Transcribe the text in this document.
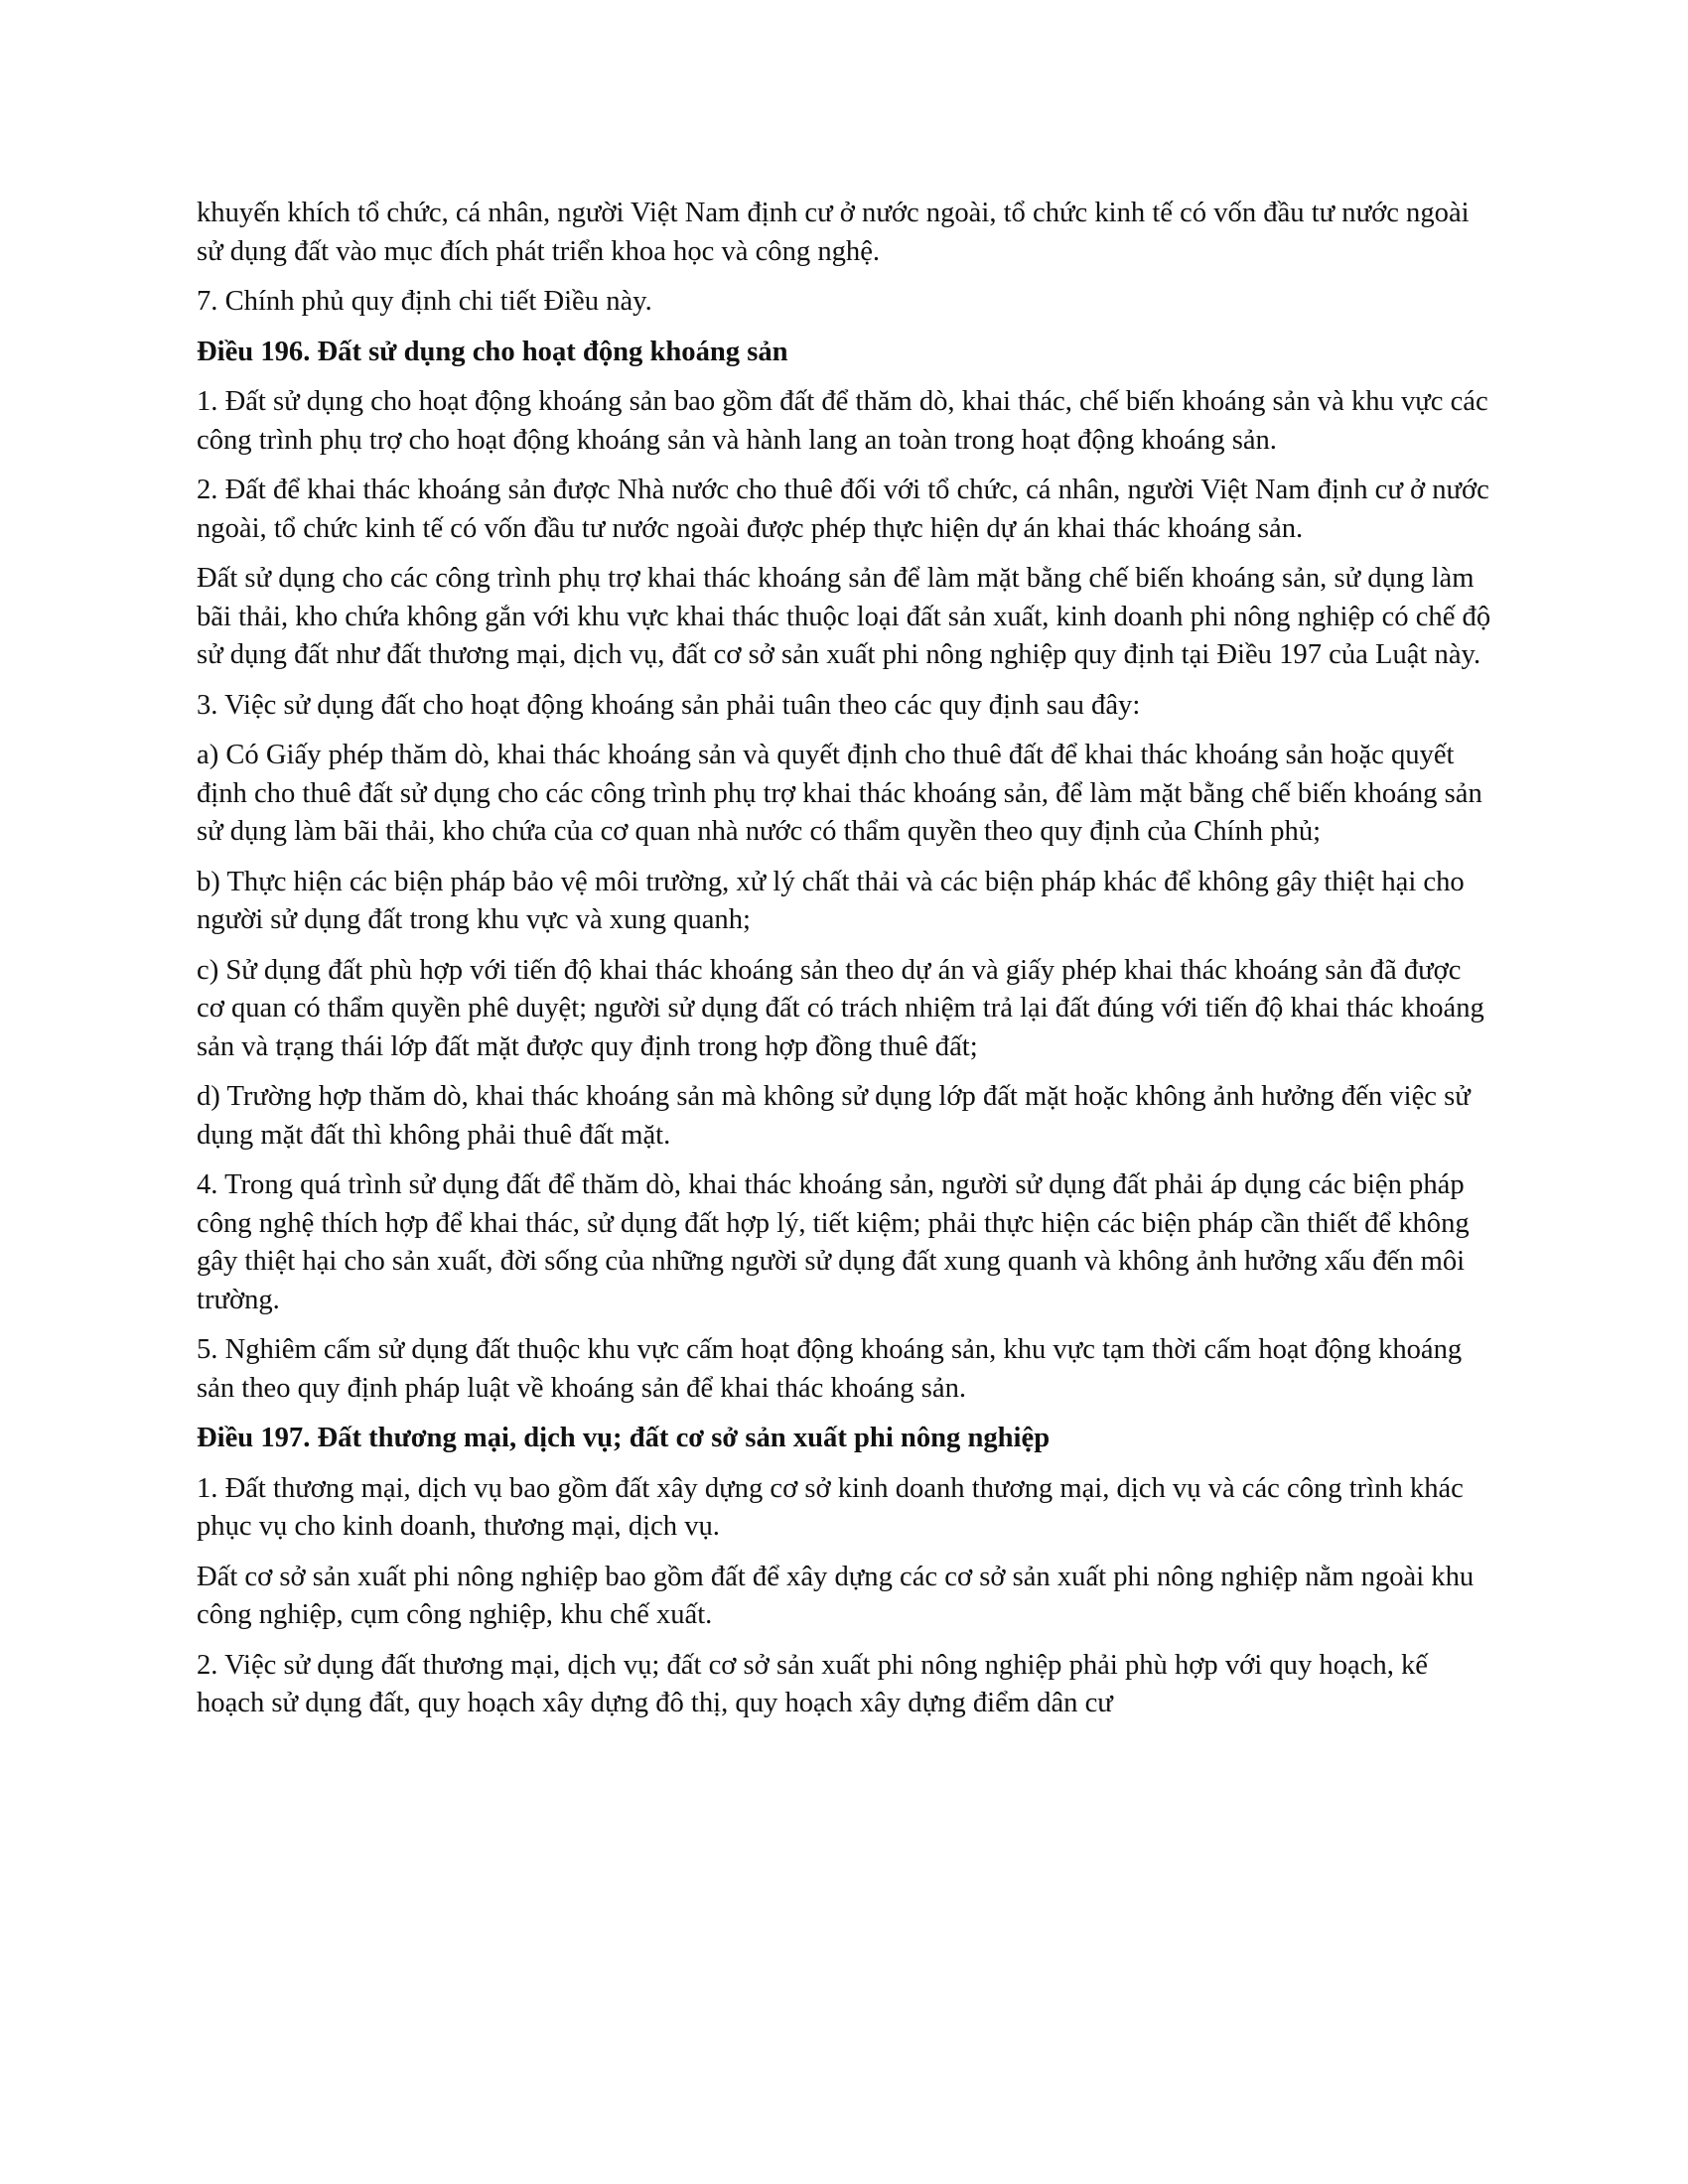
khuyến khích tổ chức, cá nhân, người Việt Nam định cư ở nước ngoài, tổ chức kinh tế có vốn đầu tư nước ngoài sử dụng đất vào mục đích phát triển khoa học và công nghệ.

7. Chính phủ quy định chi tiết Điều này.

Điều 196. Đất sử dụng cho hoạt động khoáng sản

1. Đất sử dụng cho hoạt động khoáng sản bao gồm đất để thăm dò, khai thác, chế biến khoáng sản và khu vực các công trình phụ trợ cho hoạt động khoáng sản và hành lang an toàn trong hoạt động khoáng sản.

2. Đất để khai thác khoáng sản được Nhà nước cho thuê đối với tổ chức, cá nhân, người Việt Nam định cư ở nước ngoài, tổ chức kinh tế có vốn đầu tư nước ngoài được phép thực hiện dự án khai thác khoáng sản.

Đất sử dụng cho các công trình phụ trợ khai thác khoáng sản để làm mặt bằng chế biến khoáng sản, sử dụng làm bãi thải, kho chứa không gắn với khu vực khai thác thuộc loại đất sản xuất, kinh doanh phi nông nghiệp có chế độ sử dụng đất như đất thương mại, dịch vụ, đất cơ sở sản xuất phi nông nghiệp quy định tại Điều 197 của Luật này.

3. Việc sử dụng đất cho hoạt động khoáng sản phải tuân theo các quy định sau đây:

a) Có Giấy phép thăm dò, khai thác khoáng sản và quyết định cho thuê đất để khai thác khoáng sản hoặc quyết định cho thuê đất sử dụng cho các công trình phụ trợ khai thác khoáng sản, để làm mặt bằng chế biến khoáng sản sử dụng làm bãi thải, kho chứa của cơ quan nhà nước có thẩm quyền theo quy định của Chính phủ;

b) Thực hiện các biện pháp bảo vệ môi trường, xử lý chất thải và các biện pháp khác để không gây thiệt hại cho người sử dụng đất trong khu vực và xung quanh;

c) Sử dụng đất phù hợp với tiến độ khai thác khoáng sản theo dự án và giấy phép khai thác khoáng sản đã được cơ quan có thẩm quyền phê duyệt; người sử dụng đất có trách nhiệm trả lại đất đúng với tiến độ khai thác khoáng sản và trạng thái lớp đất mặt được quy định trong hợp đồng thuê đất;

d) Trường hợp thăm dò, khai thác khoáng sản mà không sử dụng lớp đất mặt hoặc không ảnh hưởng đến việc sử dụng mặt đất thì không phải thuê đất mặt.

4. Trong quá trình sử dụng đất để thăm dò, khai thác khoáng sản, người sử dụng đất phải áp dụng các biện pháp công nghệ thích hợp để khai thác, sử dụng đất hợp lý, tiết kiệm; phải thực hiện các biện pháp cần thiết để không gây thiệt hại cho sản xuất, đời sống của những người sử dụng đất xung quanh và không ảnh hưởng xấu đến môi trường.

5. Nghiêm cấm sử dụng đất thuộc khu vực cấm hoạt động khoáng sản, khu vực tạm thời cấm hoạt động khoáng sản theo quy định pháp luật về khoáng sản để khai thác khoáng sản.

Điều 197. Đất thương mại, dịch vụ; đất cơ sở sản xuất phi nông nghiệp

1. Đất thương mại, dịch vụ bao gồm đất xây dựng cơ sở kinh doanh thương mại, dịch vụ và các công trình khác phục vụ cho kinh doanh, thương mại, dịch vụ.

Đất cơ sở sản xuất phi nông nghiệp bao gồm đất để xây dựng các cơ sở sản xuất phi nông nghiệp nằm ngoài khu công nghiệp, cụm công nghiệp, khu chế xuất.

2. Việc sử dụng đất thương mại, dịch vụ; đất cơ sở sản xuất phi nông nghiệp phải phù hợp với quy hoạch, kế hoạch sử dụng đất, quy hoạch xây dựng đô thị, quy hoạch xây dựng điểm dân cư
